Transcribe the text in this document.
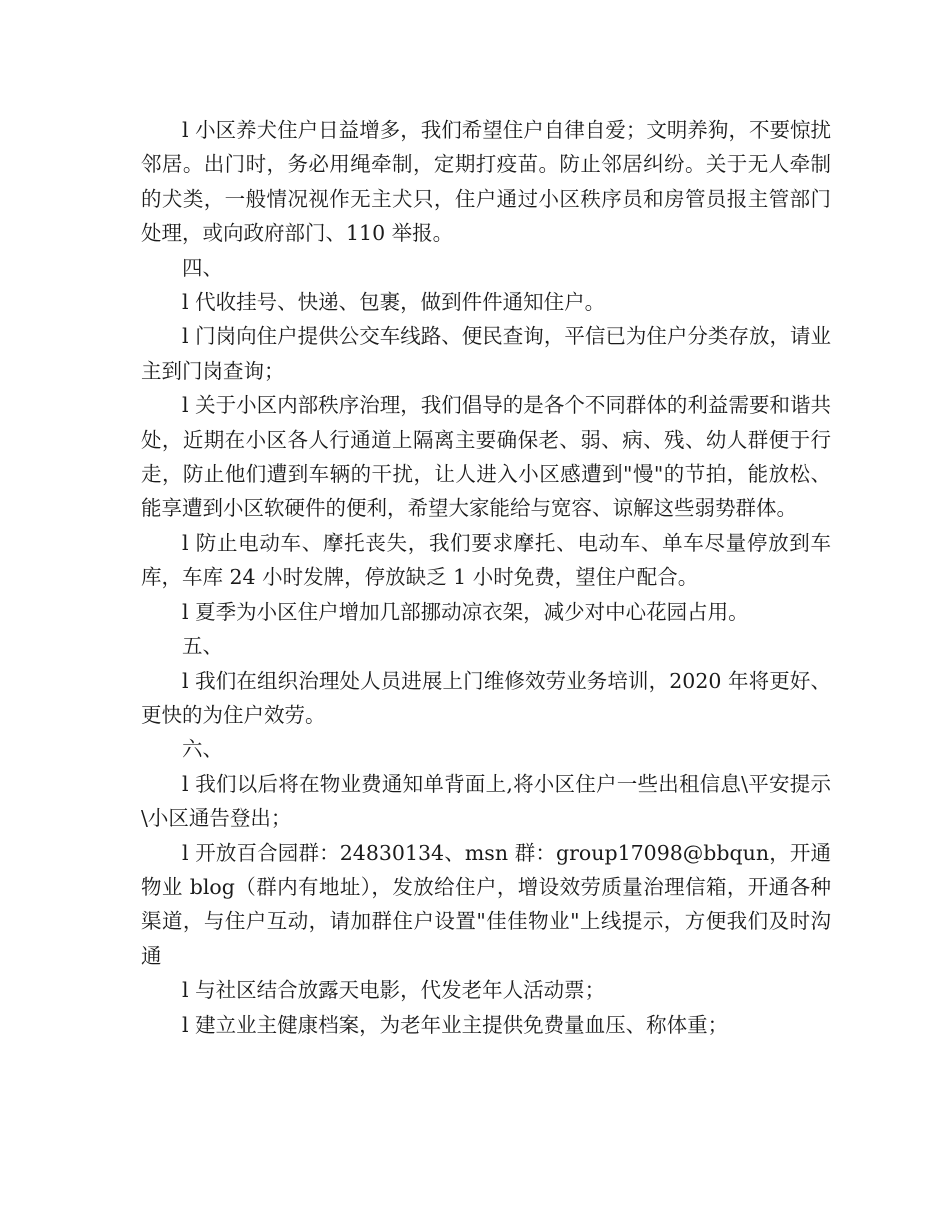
l 小区养犬住户日益增多，我们希望住户自律自爱；文明养狗，不要惊扰邻居。出门时，务必用绳牵制，定期打疫苗。防止邻居纠纷。关于无人牵制的犬类，一般情况视作无主犬只，住户通过小区秩序员和房管员报主管部门处理，或向政府部门、110 举报。

四、

l 代收挂号、快递、包裹，做到件件通知住户。

l 门岗向住户提供公交车线路、便民查询，平信已为住户分类存放，请业主到门岗查询；

l 关于小区内部秩序治理，我们倡导的是各个不同群体的利益需要和谐共处，近期在小区各人行通道上隔离主要确保老、弱、病、残、幼人群便于行走，防止他们遭到车辆的干扰，让人进入小区感遭到"慢"的节拍，能放松、能享遭到小区软硬件的便利，希望大家能给与宽容、谅解这些弱势群体。

l 防止电动车、摩托丧失，我们要求摩托、电动车、单车尽量停放到车库，车库 24 小时发牌，停放缺乏 1 小时免费，望住户配合。

l 夏季为小区住户增加几部挪动凉衣架，减少对中心花园占用。

五、

l 我们在组织治理处人员进展上门维修效劳业务培训，2020 年将更好、更快的为住户效劳。

六、

l 我们以后将在物业费通知单背面上,将小区住户一些出租信息\平安提示\小区通告登出；

l 开放百合园群：24830134、msn 群：group17098@bbqun，开通物业 blog（群内有地址），发放给住户，增设效劳质量治理信箱，开通各种渠道，与住户互动，请加群住户设置"佳佳物业"上线提示，方便我们及时沟通

l 与社区结合放露天电影，代发老年人活动票；

l 建立业主健康档案，为老年业主提供免费量血压、称体重；
